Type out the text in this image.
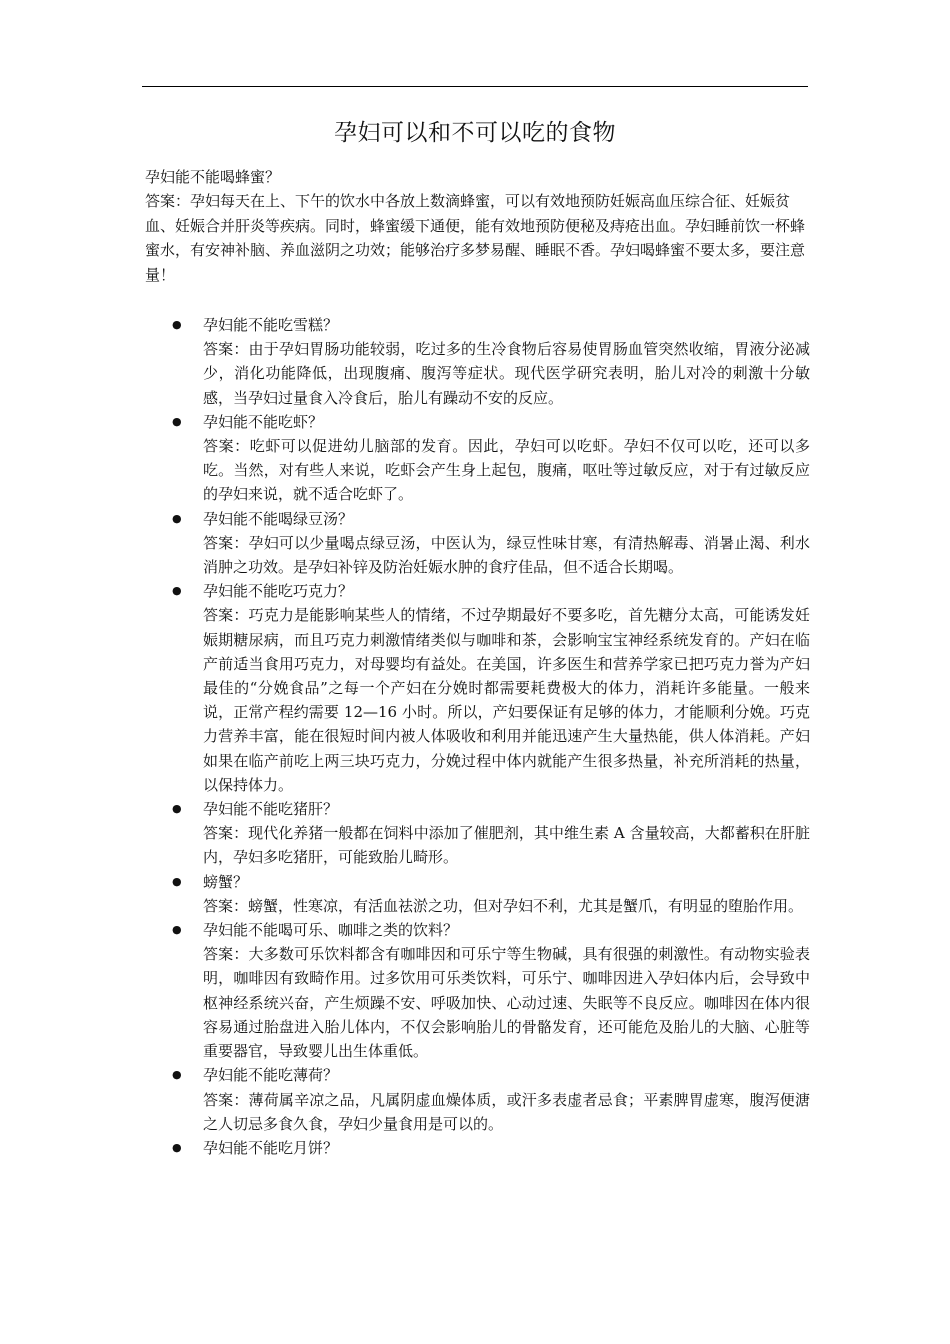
孕妇可以和不可以吃的食物

孕妇能不能喝蜂蜜？

答案：孕妇每天在上、下午的饮水中各放上数滴蜂蜜，可以有效地预防妊娠高血压综合征、妊娠贫血、妊娠合并肝炎等疾病。同时，蜂蜜缓下通便，能有效地预防便秘及痔疮出血。孕妇睡前饮一杯蜂蜜水，有安神补脑、养血滋阴之功效；能够治疗多梦易醒、睡眠不香。孕妇喝蜂蜜不要太多，要注意量！

● 孕妇能不能吃雪糕？
答案：由于孕妇胃肠功能较弱，吃过多的生冷食物后容易使胃肠血管突然收缩，胃液分泌减少，消化功能降低，出现腹痛、腹泻等症状。现代医学研究表明，胎儿对冷的刺激十分敏感，当孕妇过量食入冷食后，胎儿有躁动不安的反应。
● 孕妇能不能吃虾？
答案：吃虾可以促进幼儿脑部的发育。因此，孕妇可以吃虾。孕妇不仅可以吃，还可以多吃。当然，对有些人来说，吃虾会产生身上起包，腹痛，呕吐等过敏反应，对于有过敏反应的孕妇来说，就不适合吃虾了。
● 孕妇能不能喝绿豆汤？
答案：孕妇可以少量喝点绿豆汤，中医认为，绿豆性味甘寒，有清热解毒、消暑止渴、利水消肿之功效。是孕妇补锌及防治妊娠水肿的食疗佳品，但不适合长期喝。
● 孕妇能不能吃巧克力？
答案：巧克力是能影响某些人的情绪，不过孕期最好不要多吃，首先糖分太高，可能诱发妊娠期糖尿病，而且巧克力刺激情绪类似与咖啡和茶，会影响宝宝神经系统发育的。产妇在临产前适当食用巧克力，对母婴均有益处。在美国，许多医生和营养学家已把巧克力誉为产妇最佳的“分娩食品”之每一个产妇在分娩时都需要耗费极大的体力，消耗许多能量。一般来说，正常产程约需要 12—16 小时。所以，产妇要保证有足够的体力，才能顺利分娩。巧克力营养丰富，能在很短时间内被人体吸收和利用并能迅速产生大量热能，供人体消耗。产妇如果在临产前吃上两三块巧克力，分娩过程中体内就能产生很多热量，补充所消耗的热量，以保持体力。
● 孕妇能不能吃猪肝？
答案：现代化养猪一般都在饲料中添加了催肥剂，其中维生素 A 含量较高，大都蓄积在肝脏内，孕妇多吃猪肝，可能致胎儿畸形。
● 螃蟹？
答案：螃蟹，性寒凉，有活血祛淤之功，但对孕妇不利，尤其是蟹爪，有明显的堕胎作用。
● 孕妇能不能喝可乐、咖啡之类的饮料？
答案：大多数可乐饮料都含有咖啡因和可乐宁等生物碱，具有很强的刺激性。有动物实验表明，咖啡因有致畸作用。过多饮用可乐类饮料，可乐宁、咖啡因进入孕妇体内后，会导致中枢神经系统兴奋，产生烦躁不安、呼吸加快、心动过速、失眠等不良反应。咖啡因在体内很容易通过胎盘进入胎儿体内，不仅会影响胎儿的骨骼发育，还可能危及胎儿的大脑、心脏等重要器官，导致婴儿出生体重低。
● 孕妇能不能吃薄荷？
答案：薄荷属辛凉之品，凡属阴虚血燥体质，或汗多表虚者忌食；平素脾胃虚寒，腹泻便溏之人切忌多食久食，孕妇少量食用是可以的。
● 孕妇能不能吃月饼？
